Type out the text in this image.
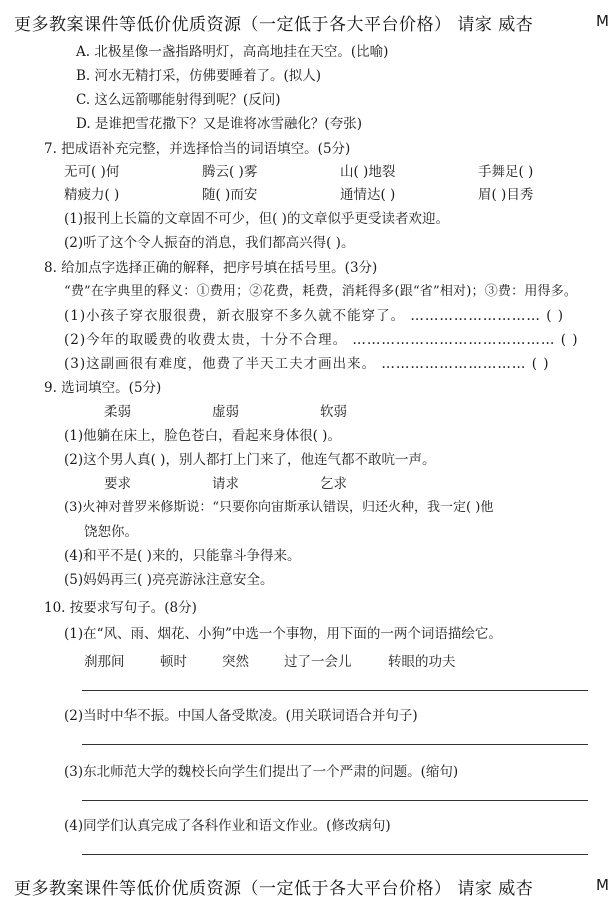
更多教案课件等低价优质资源（一定低于各大平台价格） 请家 威杏	M
A. 北极星像一盏指路明灯，高高地挂在天空。(比喻)
B. 河水无精打采，仿佛要睡着了。(拟人)
C. 这么远箭哪能射得到呢？(反问)
D. 是谁把雪花撒下？又是谁将冰雪融化？(夸张)
7. 把成语补充完整，并选择恰当的词语填空。(5分)
无可( )何	腾云( )雾	山( )地裂	手舞足( )
精疲力( )	随( )而安	通情达( )	眉( )目秀
(1)报刊上长篇的文章固不可少，但( )的文章似乎更受读者欢迎。
(2)听了这个令人振奋的消息，我们都高兴得( )。
8. 给加点字选择正确的解释，把序号填在括号里。(3分)
“费”在字典里的释义：①费用；②花费，耗费，消耗得多(跟“省”相对)；③费：用得多。
(1)小孩子穿衣服很费，新衣服穿不多久就不能穿了。 ……………………… ( )
(2)今年的取暖费的收费太贵，十分不合理。 …………………………………… ( )
(3)这副画很有难度，他费了半天工夫才画出来。 ………………………… ( )
9. 选词填空。(5分)
柔弱	虚弱	软弱
(1)他躺在床上，脸色苍白，看起来身体很( )。
(2)这个男人真( )，别人都打上门来了，他连气都不敢吭一声。
要求	请求	乞求
(3)火神对普罗米修斯说：“只要你向宙斯承认错误，归还火种，我一定( )他
饶恕你。
(4)和平不是( )来的，只能靠斗争得来。
(5)妈妈再三( )亮亮游泳注意安全。
10. 按要求写句子。(8分)
(1)在“风、雨、烟花、小狗”中选一个事物，用下面的一两个词语描绘它。
刹那间	顿时	突然	过了一会儿	转眼的功夫
(2)当时中华不振。中国人备受欺凌。(用关联词语合并句子)
(3)东北师范大学的魏校长向学生们提出了一个严肃的问题。(缩句)
(4)同学们认真完成了各科作业和语文作业。(修改病句)
更多教案课件等低价优质资源（一定低于各大平台价格） 请家 威杏	M
